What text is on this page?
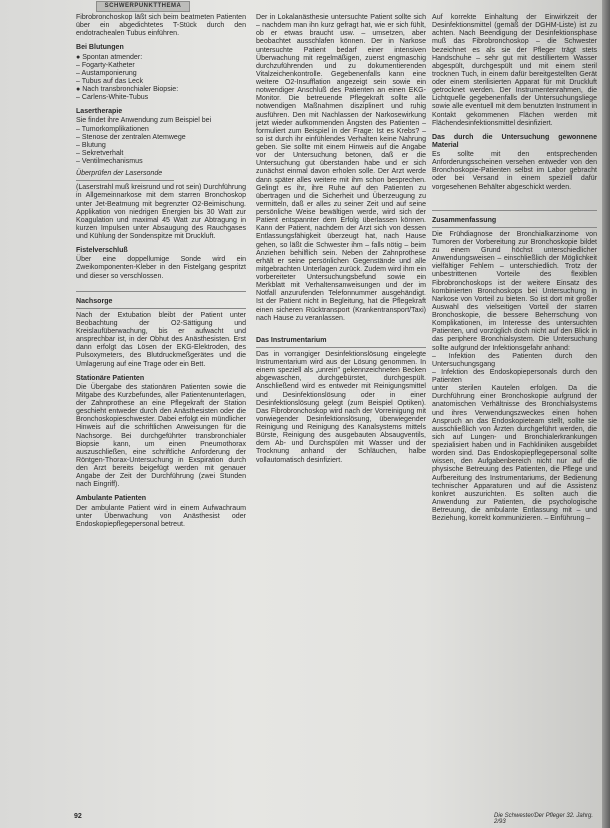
SCHWERPUNKTTHEMA

Fibrobronchoskop läßt sich beim beatmeten Patienten über ein abgedichtetes T-Stück durch den endotrachealen Tubus einführen.

Bei Blutungen

● Spontan atmender:

– Fogarty-Katheter

– Austamponierung

– Tubus auf das Leck

● Nach transbronchialer Biopsie:

– Carlens-White-Tubus

Lasertherapie

Sie findet ihre Anwendung zum Beispiel bei

– Tumorkomplikationen

– Stenose der zentralen Atemwege

– Blutung

– Sekretverhalt

– Ventilmechanismus

Überprüfen der Lasersonde

(Laserstrahl muß kreisrund und rot sein) Durchführung in Allgemeinnarkose mit dem starren Bronchoskop unter Jet-Beatmung mit begrenzter O2-Beimischung. Applikation von niedrigen Energien bis 30 Watt zur Koagulation und maximal 45 Watt zur Abtragung in kurzen Impulsen unter Absaugung des Rauchgases und Kühlung der Sondenspitze mit Druckluft.

Fistelverschluß

Über eine doppellumige Sonde wird ein Zweikomponenten-Kleber in den Fistelgang gespritzt und dieser so verschlossen.

Nachsorge

Nach der Extubation bleibt der Patient unter Beobachtung der O2-Sättigung und Kreislaufüberwachung, bis er aufwacht und ansprechbar ist, in der Obhut des Anästhesisten. Erst dann erfolgt das Lösen der EKG-Elektroden, des Pulsoxymeters, des Blutdruckmeßgerätes und die Umlagerung auf eine Trage oder ein Bett.

Stationäre Patienten

Die Übergabe des stationären Patienten sowie die Mitgabe des Kurzbefundes, aller Patientenunterlagen, der Zahnprothese an eine Pflegekraft der Station geschieht entweder durch den Anästhesisten oder die Bronchoskopieschwester. Dabei erfolgt ein mündlicher Hinweis auf die schriftlichen Anweisungen für die Nachsorge. Bei durchgeführter transbronchialer Biopsie kann, um einen Pneumothorax auszuschließen, eine schriftliche Anforderung der Röntgen-Thorax-Untersuchung in Exspiration durch den Arzt bereits beigefügt werden mit genauer Angabe der Zeit der Durchführung (zwei Stunden nach Eingriff).

Ambulante Patienten

Der ambulante Patient wird in einem Aufwachraum unter Überwachung von Anästhesist oder Endoskopiepflegepersonal betreut.

Der in Lokalanästhesie untersuchte Patient sollte sich – nachdem man ihn kurz gefragt hat, wie er sich fühlt, ob er etwas braucht usw. – umsetzen, aber beobachtet ausschlafen können. Der in Narkose untersuchte Patient bedarf einer intensiven Überwachung mit regelmäßigen, zuerst engmaschig durchzuführenden und zu dokumentierenden Vitalzeichenkontrolle. Gegebenenfalls kann eine weitere O2-Insufflation angezeigt sein sowie ein notwendiger Anschluß des Patienten an einen EKG-Monitor. Die betreuende Pflegekraft sollte alle notwendigen Maßnahmen disziplinert und ruhig ausführen. Den mit Nachlassen der Narkosewirkung jetzt wieder aufkommenden Ängsten des Patienten – formuliert zum Beispiel in der Frage: Ist es Krebs? – so ist durch ihr einfühlendes Verhalten keine Nahrung geben. Sie sollte mit einem Hinweis auf die Angabe vor der Untersuchung betonen, daß er die Untersuchung gut überstanden habe und er sich zunächst einmal davon erholen solle. Der Arzt werde dann später alles weitere mit ihm schon besprechen. Gelingt es ihr, ihre Ruhe auf den Patienten zu übertragen und die Sicherheit und Überzeugung zu vermitteln, daß er alles zu seiner Zeit und auf seine persönliche Weise bewältigen werde, wird sich der Patient entspannter dem Erfolg überlassen können. Kann der Patient, nachdem der Arzt sich von dessen Entlassungsfähigkeit überzeugt hat, nach Hause gehen, so läßt die Schwester ihm – falls nötig – beim Anziehen behilflich sein. Neben der Zahnprothese erhält er seine persönlichen Gegenstände und alle mitgebrachten Unterlagen zurück. Zudem wird ihm ein vorbereiteter Untersuchungsbefund sowie ein Merkblatt mit Verhaltensanweisungen und der im Notfall anzurufenden Telefonnummer ausgehändigt. Ist der Patient nicht in Begleitung, hat die Pflegekraft einen sicheren Rücktransport (Krankentransport/Taxi) nach Hause zu veranlassen.

Das Instrumentarium

Das in vorrangiger Desinfektionslösung eingelegte Instrumentarium wird aus der Lösung genommen. In einem speziell als „unrein" gekennzeichneten Becken abgewaschen, durchgebürstet, durchgespült. Anschließend wird es entweder mit Reinigungsmittel und Desinfektionslösung oder in einer Desinfektionslösung gelegt (zum Beispiel Optiken). Das Fibrobronchoskop wird nach der Vorreinigung mit vorwiegender Desinfektionslösung, überwiegender Reinigung und Reinigung des Kanalsystems mittels Bürste, Reinigung des ausgebauten Absaugventils, dem Ab- und Durchspülen mit Wasser und der Trocknung anhand der Schläuchen, halbe vollautomatisch desinfiziert.

Auf korrekte Einhaltung der Einwirkzeit der Desinfektionsmittel (gemäß der DGHM-Liste) ist zu achten. Nach Beendigung der Desinfektionsphase muß das Fibrobronchoskop – die Schwester bezeichnet es als sie der Pfleger trägt stets Handschuhe – sehr gut mit destilliertem Wasser abgespült, durchgespült und mit einem steril trocknen Tuch, in einem dafür bereitgestellten Gerät oder einem sterilisierten Apparat für mit Druckluft getrocknet werden. Der Instrumentenrahmen, die Lichtquelle gegebenenfalls der Untersuchungsliege sowie alle eventuell mit dem benutzten Instrument in Kontakt gekommenen Flächen werden mit Flächendesinfektionsmittel desinfiziert.

Das durch die Untersuchung gewonnene Material

Es sollte mit den entsprechenden Anforderungsscheinen versehen entweder von den Bronchoskopie-Patienten selbst im Labor gebracht oder bei Versand in einem speziell dafür vorgesehenen Behälter abgeschickt werden.

Zusammenfassung

Die Frühdiagnose der Bronchialkarzinome von Tumoren der Vorbereitung zur Bronchoskopie bildet zu einem Grund höchst unterschiedlicher Anwendungsweisen – einschließlich der Möglichkeit vielfältiger Fehlern – unterschiedlich. Trotz der unbestrittenen Vorteile des flexiblen Fibrobronchoskops ist der weitere Einsatz des kombinierten Bronchoskops bei Untersuchung in Narkose von Vorteil zu bieten. So ist dort mit großer Auswahl des vielseitigen Vorteil der starren Bronchoskopie, die bessere Beherrschung von Komplikationen, im Interesse des untersuchten Patienten, und vorzüglich doch nicht auf den Blick in das periphere Bronchialsystem. Die Untersuchung sollte aufgrund der Infektionsgefahr anhand:

– Infektion des Patienten durch den Untersuchungsgang

– Infektion des Endoskopiepersonals durch den Patienten

unter sterilen Kautelen erfolgen. Da die Durchführung einer Bronchoskopie aufgrund der anatomischen Verhältnisse des Bronchialsystems und ihres Verwendungszweckes einen hohen Anspruch an das Endoskopieteam stellt, sollte sie ausschließlich von Ärzten durchgeführt werden, die sich auf Lungen- und Bronchialerkrankungen spezialisiert haben und in Fachkliniken ausgebildet worden sind. Das Endoskopiepflegepersonal sollte wissen, den Aufgabenbereich nicht nur auf die physische Betreuung des Patienten, die Pflege und Aufbereitung des Instrumentariums, der Bedienung technischer Apparaturen und auf die Assistenz konkret auszurichten. Es sollten auch die Anwendung zur Patienten, die psychologische Betreuung, die ambulante Entlassung mit – und Beziehung, korrekt kommunizieren. – Einführung –

92	Die Schwester/Der Pfleger 32. Jahrg. 2/93
